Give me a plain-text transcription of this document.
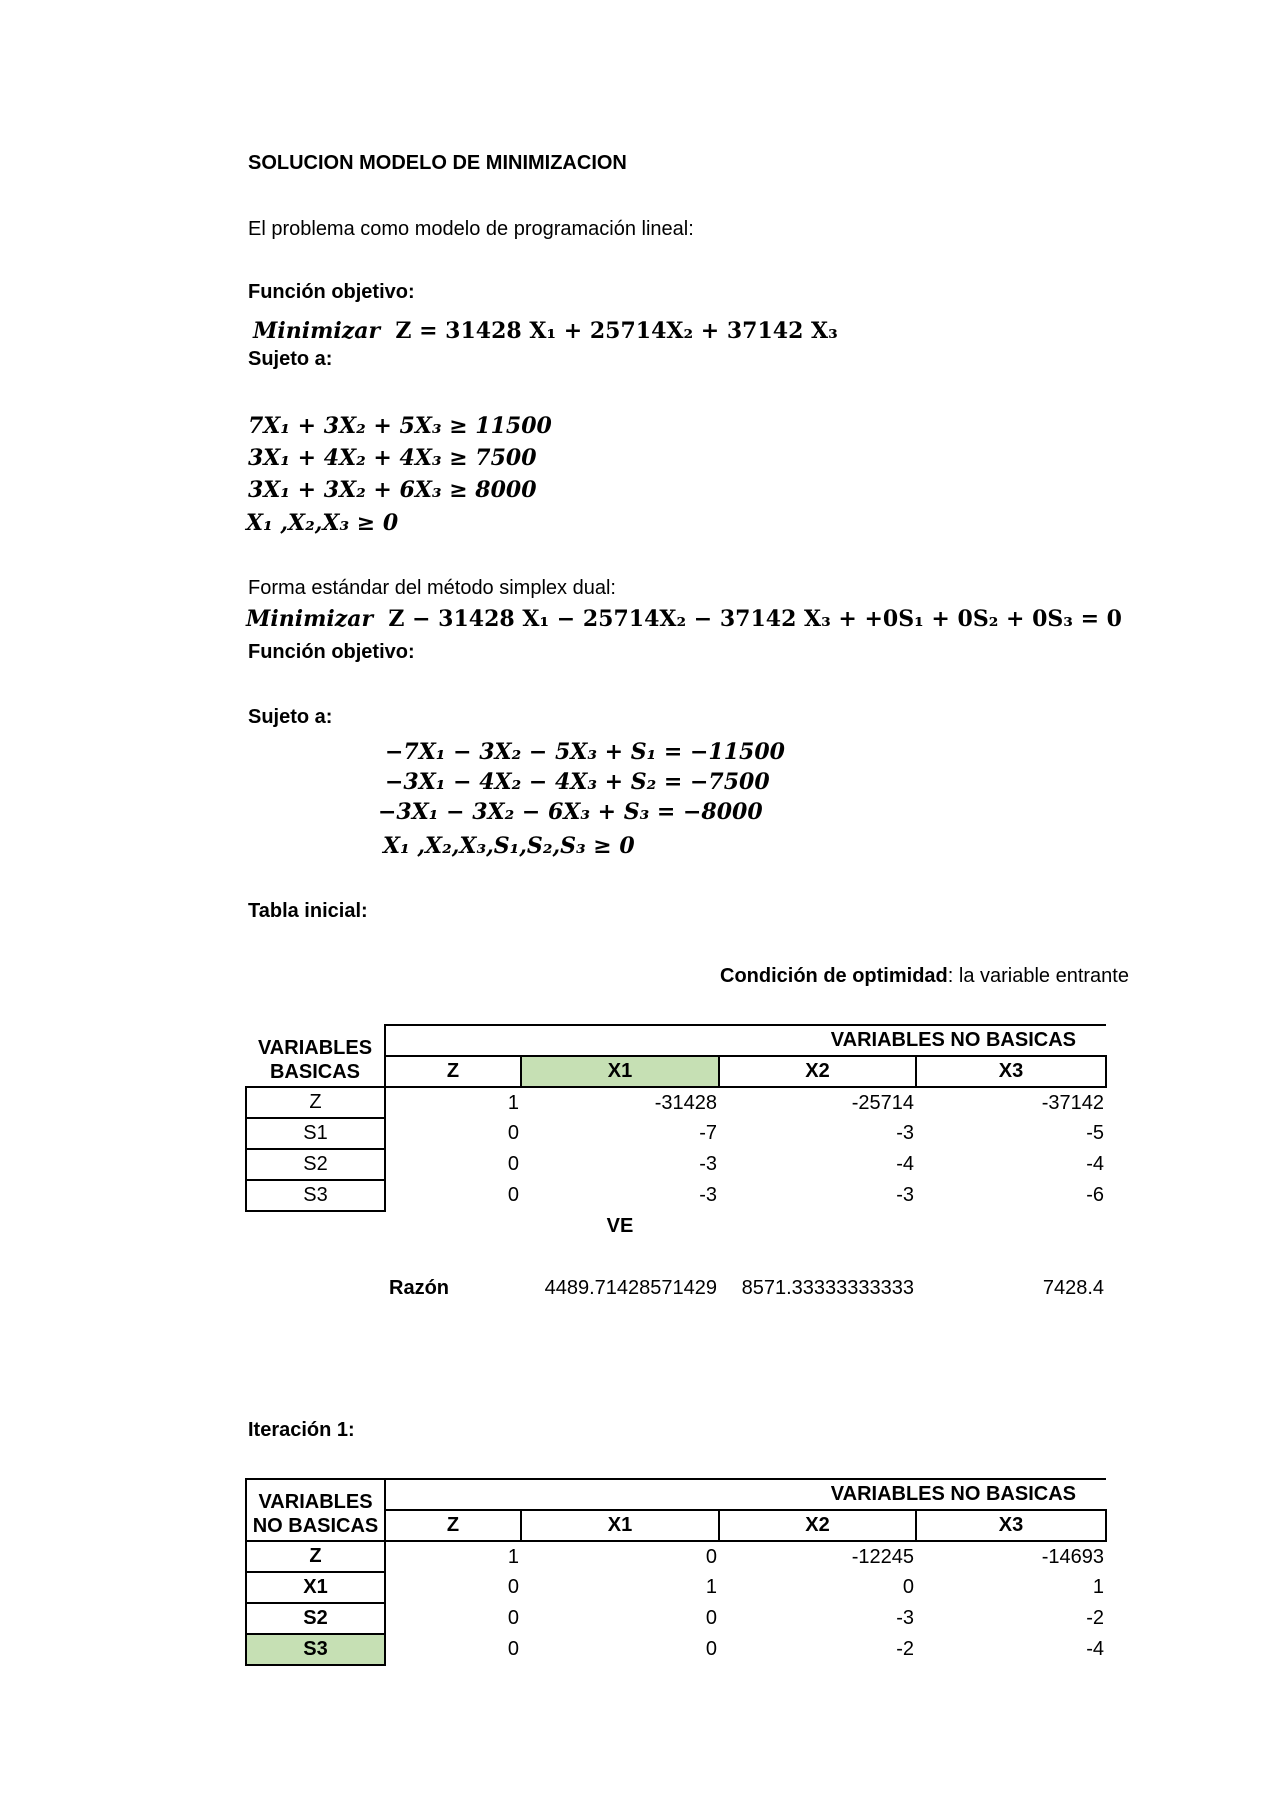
SOLUCION MODELO DE MINIMIZACION
El problema como modelo de programación lineal:
Función objetivo:
Minimizar Z = 31428 X₁ + 25714X₂ + 37142 X₃
Sujeto a:
7X₁ + 3X₂ + 5X₃ ≥ 11500
3X₁ + 4X₂ + 4X₃ ≥ 7500
3X₁ + 3X₂ + 6X₃ ≥ 8000
X₁ ,X₂,X₃ ≥ 0
Forma estándar del método simplex dual:
Minimizar Z − 31428 X₁ − 25714X₂ − 37142 X₃ + +0S₁ + 0S₂ + 0S₃ = 0
Función objetivo:
Sujeto a:
−7X₁ − 3X₂ − 5X₃ + S₁ = −11500
−3X₁ − 4X₂ − 4X₃ + S₂ = −7500
−3X₁ − 3X₂ − 6X₃ + S₃ = −8000
X₁ ,X₂,X₃,S₁,S₂,S₃ ≥ 0
Tabla inicial:
Condición de optimidad: la variable entrante
VARIABLES
BASICAS	VARIABLES NO BASICAS			
	Z	X1	X2	X3
Z	1	-31428	-25714	-37142
S1	0	-7	-3	-5
S2	0	-3	-4	-4
S3	0	-3	-3	-6
		VE		

	Razón	4489.71428571429	8571.33333333333	7428.4
Iteración 1:
VARIABLES
NO BASICAS	VARIABLES NO BASICAS			
	Z	X1	X2	X3
Z	1	0	-12245	-14693
X1	0	1	0	1
S2	0	0	-3	-2
S3	0	0	-2	-4
